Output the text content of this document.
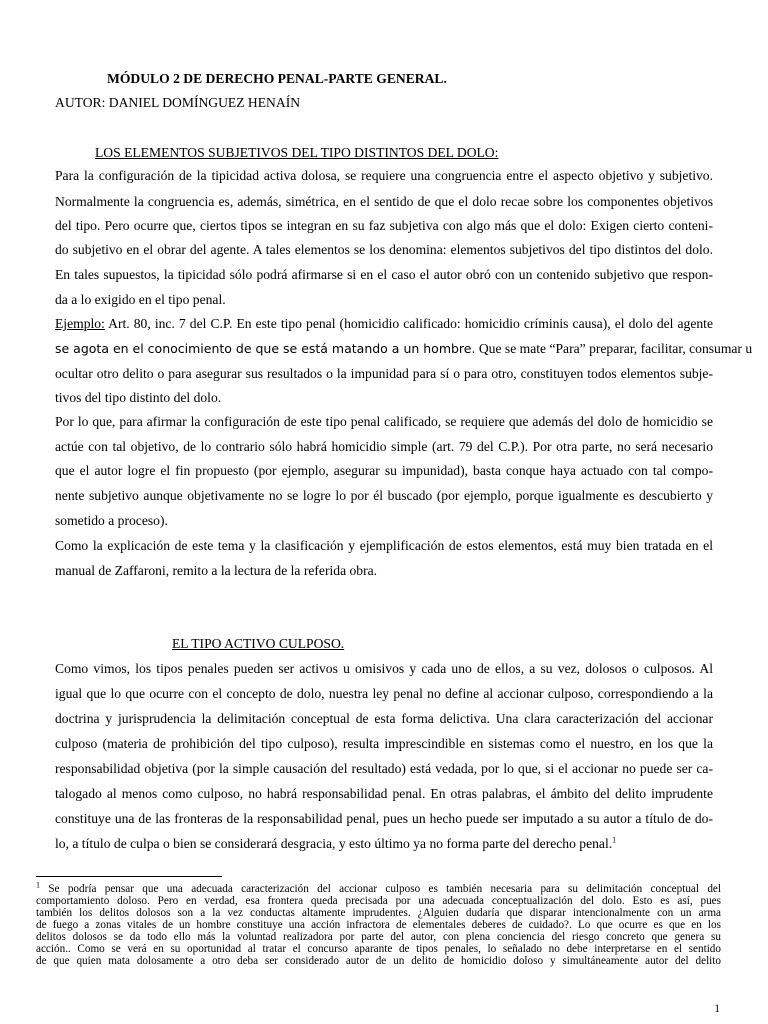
MÓDULO 2 DE DERECHO PENAL-PARTE GENERAL.
AUTOR: DANIEL DOMÍNGUEZ HENAÍN
LOS ELEMENTOS SUBJETIVOS DEL TIPO DISTINTOS DEL DOLO:
Para la configuración de la tipicidad activa dolosa, se requiere una congruencia entre el aspecto objetivo y subjetivo.
Normalmente la congruencia es, además, simétrica, en el sentido de que el dolo recae sobre los componentes objetivos
del tipo. Pero ocurre que, ciertos tipos se integran en su faz subjetiva con algo más que el dolo: Exigen cierto conteni-
do subjetivo en el obrar del agente. A tales elementos se los denomina: elementos subjetivos del tipo distintos del dolo.
En tales supuestos, la tipicidad sólo podrá afirmarse si en el caso el autor obró con un contenido subjetivo que respon-
da a lo exigido en el tipo penal.
Ejemplo: Art. 80, inc. 7 del C.P. En este tipo penal (homicidio calificado: homicidio críminis causa), el dolo del agente
se agota en el conocimiento de que se está matando a un hombre. Que se mate “Para” preparar, facilitar, consumar u
ocultar otro delito o para asegurar sus resultados o la impunidad para sí o para otro, constituyen todos elementos subje-
tivos del tipo distinto del dolo.
Por lo que, para afirmar la configuración de este tipo penal calificado, se requiere que además del dolo de homicidio se
actúe con tal objetivo, de lo contrario sólo habrá homicidio simple (art. 79 del C.P.). Por otra parte, no será necesario
que el autor logre el fin propuesto (por ejemplo, asegurar su impunidad), basta conque haya actuado con tal compo-
nente subjetivo aunque objetivamente no se logre lo por él buscado (por ejemplo, porque igualmente es descubierto y
sometido a proceso).
Como la explicación de este tema y la clasificación y ejemplificación de estos elementos, está muy bien tratada en el
manual de Zaffaroni, remito a la lectura de la referida obra.
EL TIPO ACTIVO CULPOSO.
Como vimos, los tipos penales pueden ser activos u omisivos y cada uno de ellos, a su vez, dolosos o culposos. Al
igual que lo que ocurre con el concepto de dolo, nuestra ley penal no define al accionar culposo, correspondiendo a la
doctrina y jurisprudencia la delimitación conceptual de esta forma delictiva. Una clara caracterización del accionar
culposo (materia de prohibición del tipo culposo), resulta imprescindible en sistemas como el nuestro, en los que la
responsabilidad objetiva (por la simple causación del resultado) está vedada, por lo que, si el accionar no puede ser ca-
talogado al menos como culposo, no habrá responsabilidad penal. En otras palabras, el ámbito del delito imprudente
constituye una de las fronteras de la responsabilidad penal, pues un hecho puede ser imputado a su autor a título de do-
lo, a título de culpa o bien se considerará desgracia, y esto último ya no forma parte del derecho penal.$^1$
$^1$ Se podría pensar que una adecuada caracterización del accionar culposo es también necesaria para su delimitación conceptual del
comportamiento doloso. Pero en verdad, esa frontera queda precisada por una adecuada conceptualización del dolo. Esto es así, pues
también los delitos dolosos son a la vez conductas altamente imprudentes. ¿Alguien dudaría que disparar intencionalmente con un arma
de fuego a zonas vitales de un hombre constituye una acción infractora de elementales deberes de cuidado?. Lo que ocurre es que en los
delitos dolosos se da todo ello más la voluntad realizadora por parte del autor, con plena conciencia del riesgo concreto que genera su
acción.. Como se verá en su oportunidad al tratar el concurso aparante de tipos penales, lo señalado no debe interpretarse en el sentido
de que quien mata dolosamente a otro deba ser considerado autor de un delito de homicidio doloso y simultáneamente autor del delito
1
